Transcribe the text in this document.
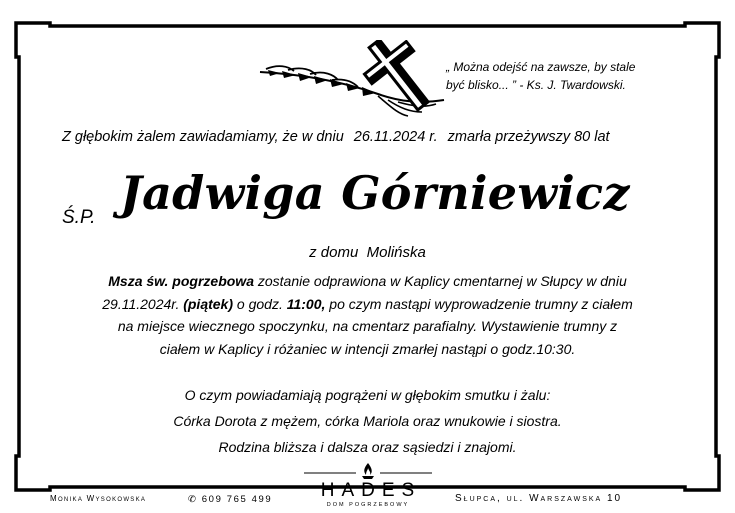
„ Można odejść na zawsze, by stale
być blisko... ” - Ks. J. Twardowski.
Z głębokim żalem zawiadamiamy, że w dniu 26.11.2024 r. zmarła przeżywszy 80 lat
Ś.P. Jadwiga Górniewicz
z domu Molińska
Msza św. pogrzebowa zostanie odprawiona w Kaplicy cmentarnej w Słupcy w dniu
29.11.2024r. (piątek) o godz. 11:00, po czym nastąpi wyprowadzenie trumny z ciałem
na miejsce wiecznego spoczynku, na cmentarz parafialny. Wystawienie trumny z
ciałem w Kaplicy i różaniec w intencji zmarłej nastąpi o godz.10:30.
O czym powiadamiają pogrążeni w głębokim smutku i żalu:
Córka Dorota z mężem, córka Mariola oraz wnukowie i siostra.
Rodzina bliższa i dalsza oraz sąsiedzi i znajomi.
Monika Wysokowska	✆ 609 765 499	HADES
DOM POGRZEBOWY
Słupca, ul. Warszawska 10
